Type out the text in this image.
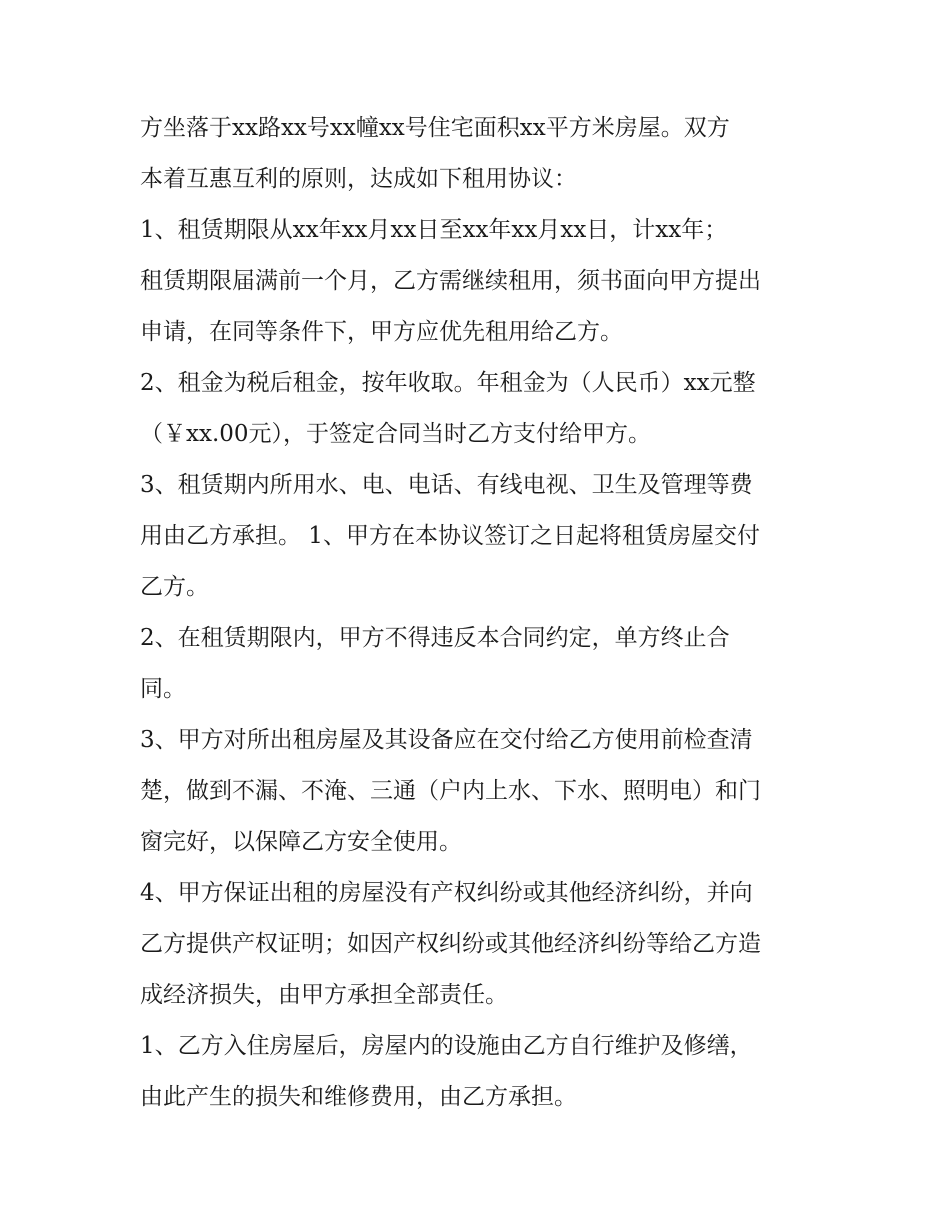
方坐落于xx路xx号xx幢xx号住宅面积xx平方米房屋。双方
本着互惠互利的原则，达成如下租用协议：
1、租赁期限从xx年xx月xx日至xx年xx月xx日，计xx年；
租赁期限届满前一个月，乙方需继续租用，须书面向甲方提出
申请，在同等条件下，甲方应优先租用给乙方。
2、租金为税后租金，按年收取。年租金为（人民币）xx元整
（￥xx.00元），于签定合同当时乙方支付给甲方。
3、租赁期内所用水、电、电话、有线电视、卫生及管理等费
用由乙方承担。 1、甲方在本协议签订之日起将租赁房屋交付
乙方。
2、在租赁期限内，甲方不得违反本合同约定，单方终止合
同。
3、甲方对所出租房屋及其设备应在交付给乙方使用前检查清
楚，做到不漏、不淹、三通（户内上水、下水、照明电）和门
窗完好，以保障乙方安全使用。
4、甲方保证出租的房屋没有产权纠纷或其他经济纠纷，并向
乙方提供产权证明；如因产权纠纷或其他经济纠纷等给乙方造
成经济损失，由甲方承担全部责任。
1、乙方入住房屋后，房屋内的设施由乙方自行维护及修缮，
由此产生的损失和维修费用，由乙方承担。
